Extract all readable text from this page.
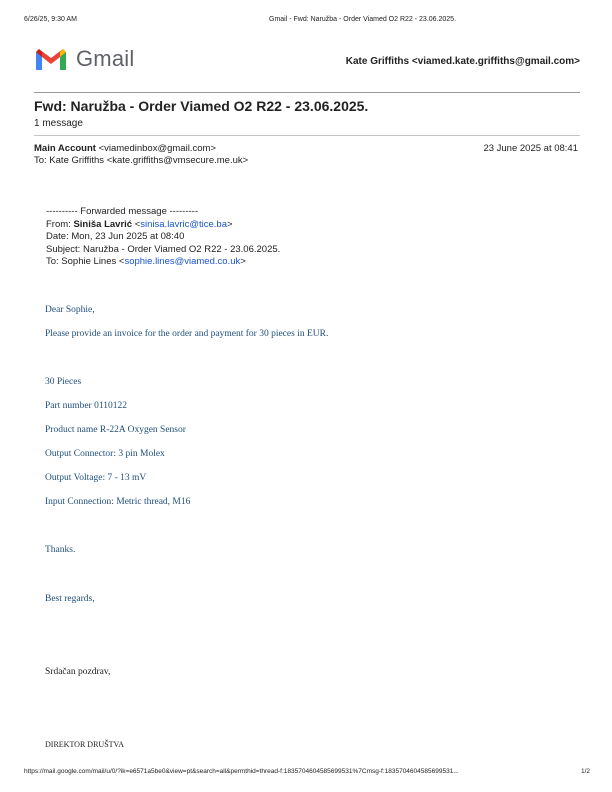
6/26/25, 9:30 AM	Gmail - Fwd: Naružba - Order Viamed O2 R22 - 23.06.2025.
Gmail	Kate Griffiths <viamed.kate.griffiths@gmail.com>
Fwd: Naružba - Order Viamed O2 R22 - 23.06.2025.
1 message
Main Account <viamedinbox@gmail.com>	23 June 2025 at 08:41
To: Kate Griffiths <kate.griffiths@vmsecure.me.uk>
---------- Forwarded message ---------
From: Siniša Lavrić <sinisa.lavric@tice.ba>
Date: Mon, 23 Jun 2025 at 08:40
Subject: Naružba - Order Viamed O2 R22 - 23.06.2025.
To: Sophie Lines <sophie.lines@viamed.co.uk>
Dear Sophie,
Please provide an invoice for the order and payment for 30 pieces in EUR.
30 Pieces
Part number 0110122
Product name R-22A Oxygen Sensor
Output Connector: 3 pin Molex
Output Voltage: 7 - 13 mV
Input Connection: Metric thread, M16
Thanks.
Best regards,
Srdačan pozdrav,
DIREKTOR DRUŠTVA
https://mail.google.com/mail/u/0/?ik=e6571a5be0&view=pt&search=all&permthid=thread-f:1835704604585699531%7Cmsg-f:1835704604585699531...	1/2
